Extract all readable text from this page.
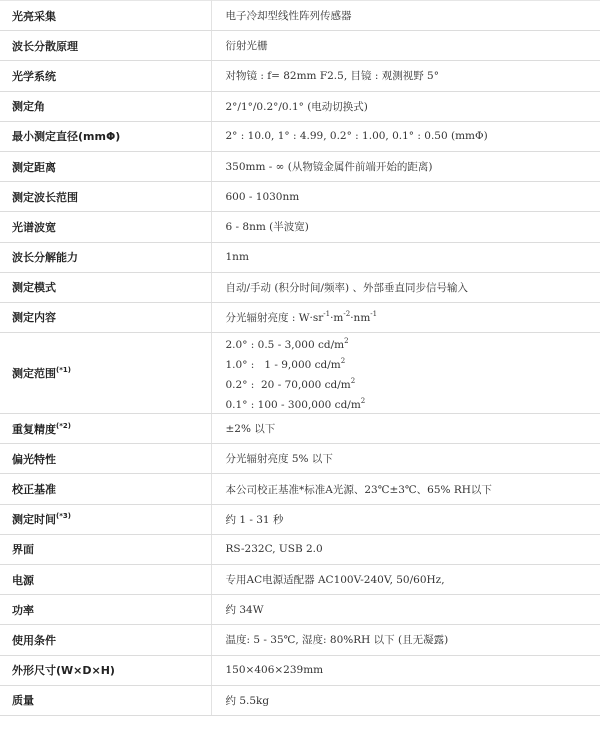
光亮采集	电子冷却型线性阵列传感器
波长分散原理	衍射光栅
光学系统	对物镜 : f= 82mm F2.5, 目镜 : 观测视野 5°
测定角	2°/1°/0.2°/0.1° (电动切换式)
最小测定直径(mmΦ)	2° : 10.0, 1° : 4.99, 0.2° : 1.00, 0.1° : 0.50 (mmΦ)
测定距离	350mm - ∞ (从物镜金属件前端开始的距离)
测定波长范围	600 - 1030nm
光谱波宽	6 - 8nm (半波宽)
波长分解能力	1nm
测定模式	自动/手动 (积分时间/频率) 、外部垂直同步信号输入
测定内容	分光辐射亮度 : $W\cdot sr^{-1}\cdot m^{-2}\cdot nm^{-1}$
测定范围$^{(*1)}$	2.0° : 0.5 - 3,000 $cd/m^2$
1.0° :   1 - 9,000 $cd/m^2$
0.2° :  20 - 70,000 $cd/m^2$
0.1° : 100 - 300,000 $cd/m^2$

重复精度$^{(*2)}$	±2% 以下
偏光特性	分光辐射亮度 5% 以下
校正基准	本公司校正基准*标准A光源、23℃±3℃、65% RH以下
测定时间$^{(*3)}$	约 1 - 31 秒
界面	RS-232C, USB 2.0
电源	专用AC电源适配器 AC100V-240V, 50/60Hz,
功率	约 34W
使用条件	温度: 5 - 35℃, 湿度: 80%RH 以下 (且无凝露)
外形尺寸(W×D×H)	150×406×239mm
质量	约 5.5kg
